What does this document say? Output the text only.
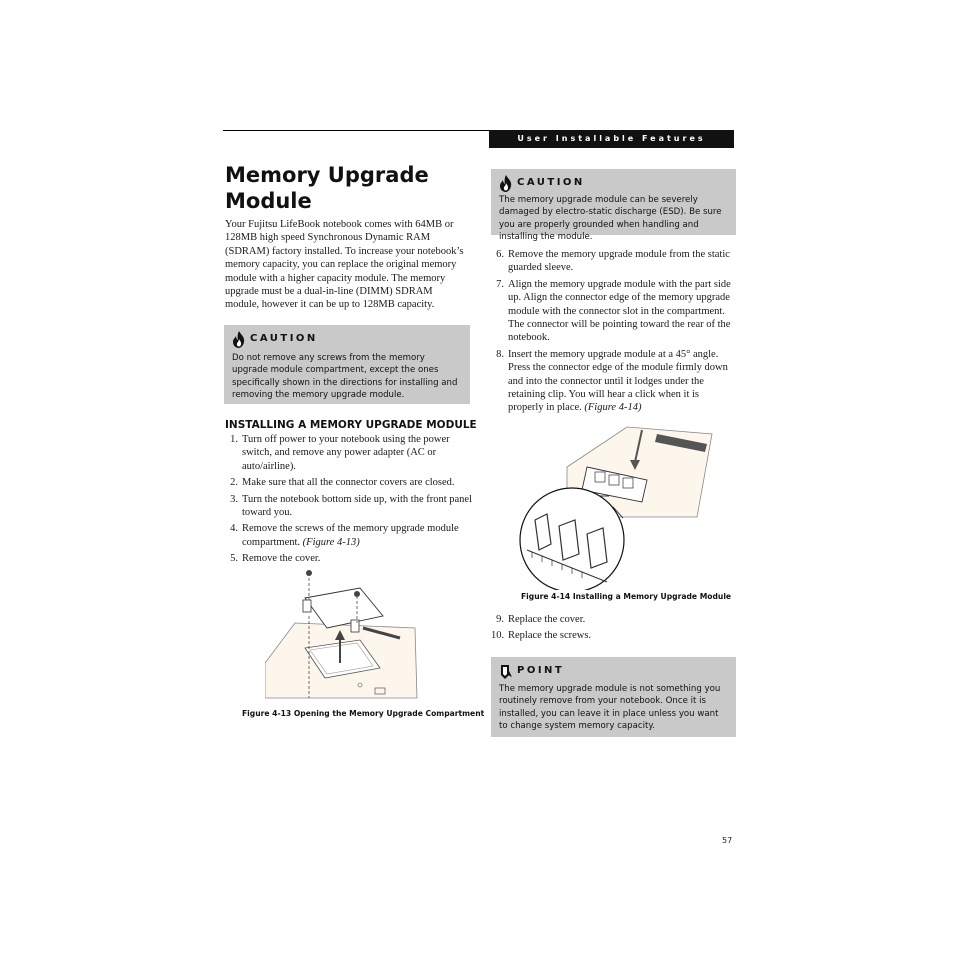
User Installable Features
Memory Upgrade Module
Your Fujitsu LifeBook notebook comes with 64MB or 128MB high speed Synchronous Dynamic RAM (SDRAM) factory installed. To increase your notebook’s memory capacity, you can replace the original memory module with a higher capacity module. The memory upgrade must be a dual-in-line (DIMM) SDRAM module, however it can be up to 128MB capacity.
CAUTION
Do not remove any screws from the memory upgrade module compartment, except the ones specifically shown in the directions for installing and removing the memory upgrade module.
INSTALLING A MEMORY UPGRADE MODULE
1. Turn off power to your notebook using the power switch, and remove any power adapter (AC or auto/airline).
2. Make sure that all the connector covers are closed.
3. Turn the notebook bottom side up, with the front panel toward you.
4. Remove the screws of the memory upgrade module compartment. (Figure 4-13)
5. Remove the cover.
Figure 4-13 Opening the Memory Upgrade Compartment
CAUTION
The memory upgrade module can be severely damaged by electro-static discharge (ESD). Be sure you are properly grounded when handling and installing the module.
6. Remove the memory upgrade module from the static guarded sleeve.
7. Align the memory upgrade module with the part side up. Align the connector edge of the memory upgrade module with the connector slot in the compartment. The connector will be pointing toward the rear of the notebook.
8. Insert the memory upgrade module at a 45° angle. Press the connector edge of the module firmly down and into the connector until it lodges under the retaining clip. You will hear a click when it is properly in place. (Figure 4-14)
Figure 4-14 Installing a Memory Upgrade Module
9. Replace the cover.
10. Replace the screws.
POINT
The memory upgrade module is not something you routinely remove from your notebook. Once it is installed, you can leave it in place unless you want to change system memory capacity.
57
